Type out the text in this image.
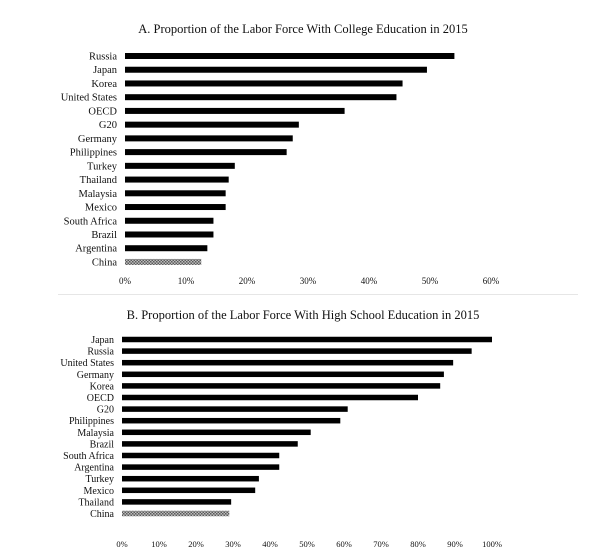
A. Proportion of the Labor Force With College Education in 2015
Russia
Japan
Korea
United States
OECD
G20
Germany
Philippines
Turkey
Thailand
Malaysia
Mexico
South Africa
Brazil
Argentina
China
0%	10%	20%	30%	40%	50%	60%
B. Proportion of the Labor Force With High School Education in 2015
Japan
Russia
United States
Germany
Korea
OECD
G20
Philippines
Malaysia
Brazil
South Africa
Argentina
Turkey
Mexico
Thailand
China
0%	10%	20%	30%	40%	50%	60%	70%	80%	90% 100%
